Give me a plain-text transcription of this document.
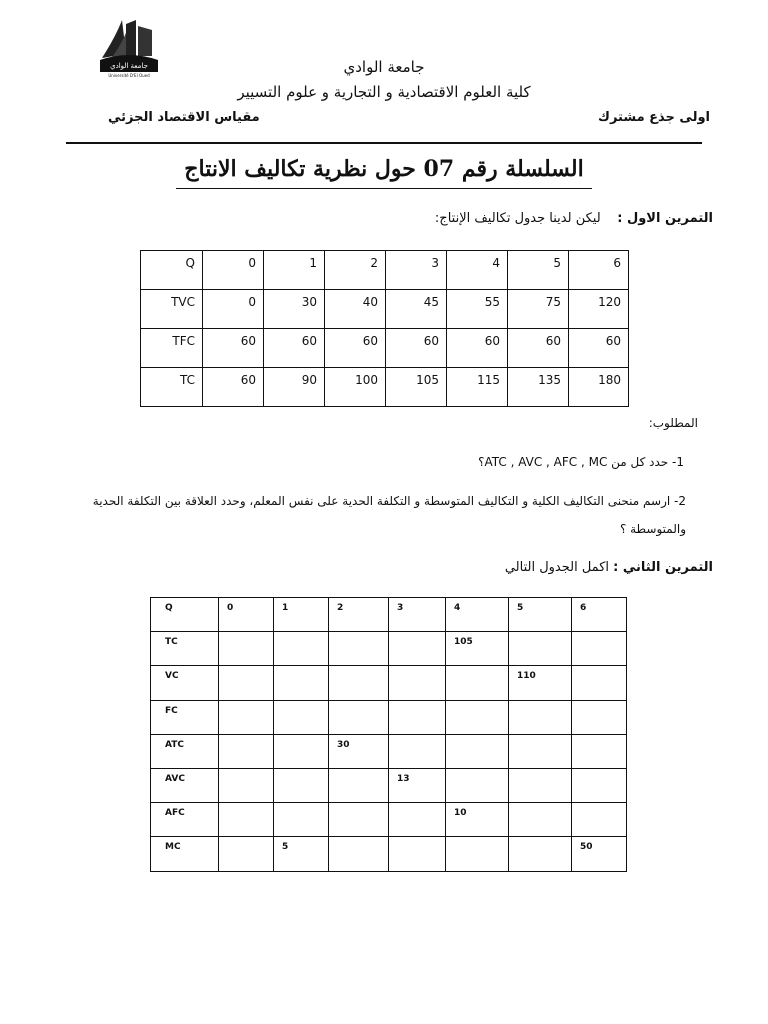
جامعة الوادي
Université D'El Oued	جامعة الوادي
كلية العلوم الاقتصادية و التجارية و علوم التسيير
اولى جذع مشترك
مقياس الاقتصاد الجزئي
السلسلة رقم 07 حول نظرية تكاليف الانتاج
التمرين الاول :    ليكن لدينا جدول تكاليف الإنتاج:
Q	0	1	2	3	4	5	6
TVC	0	30	40	45	55	75	120
TFC	60	60	60	60	60	60	60
TC	60	90	100	105	115	135	180
المطلوب:
1- حدد كل من ATC , AVC , AFC , MC؟
2- ارسم منحنى التكاليف الكلية و التكاليف المتوسطة و التكلفة الحدية على نفس المعلم، وحدد العلاقة بين التكلفة الحدية
والمتوسطة ؟
التمرين الثاني : اكمل الجدول التالي
Q	0	1	2	3	4	5	6
TC					105		
VC						110	
FC							
ATC			30				
AVC				13			
AFC					10		
MC		5					50
